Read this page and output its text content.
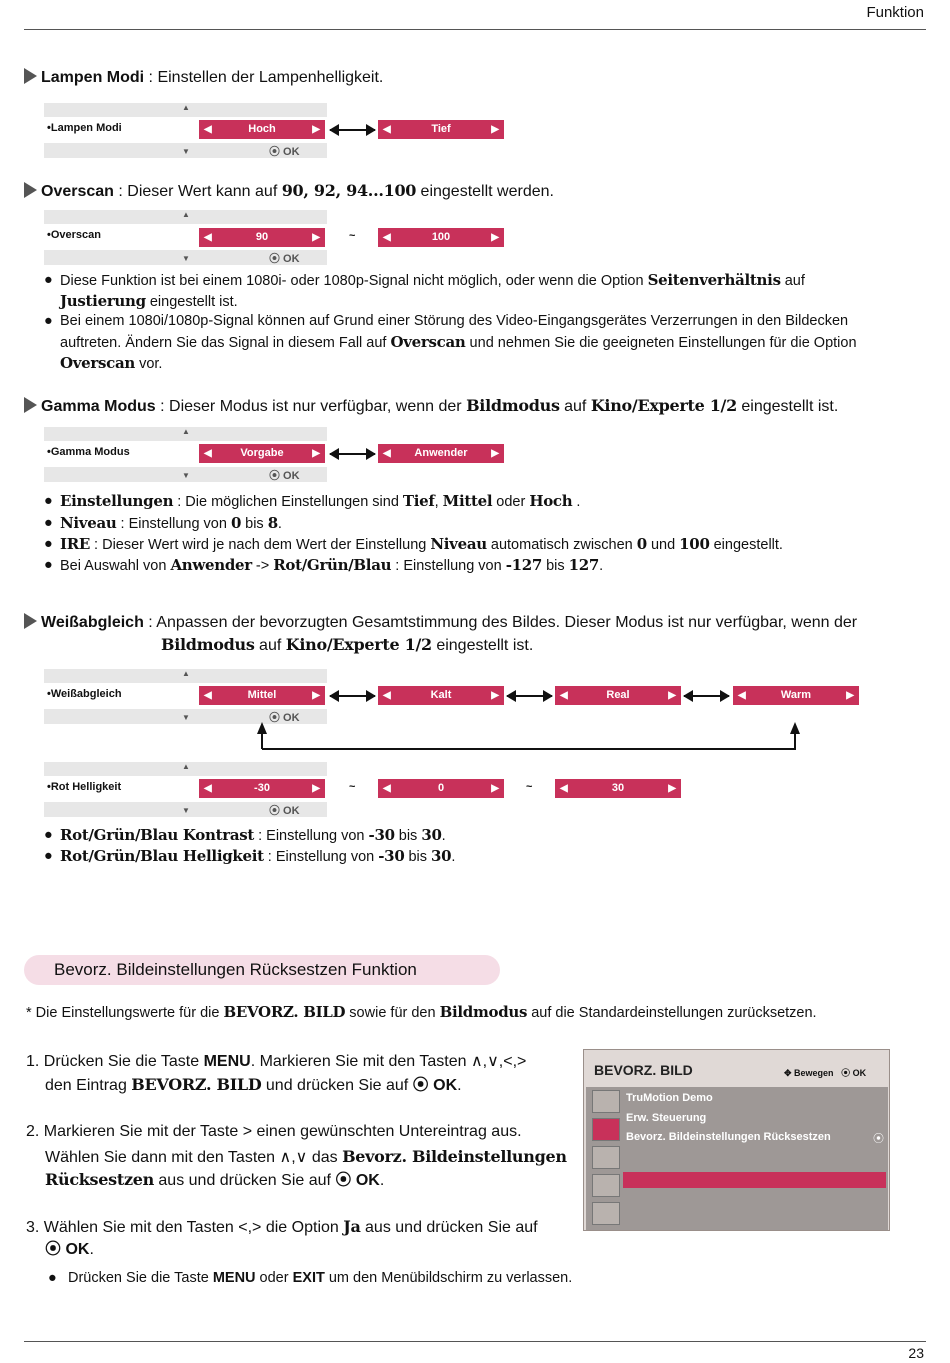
Funktion
Lampen Modi : Einstellen der Lampenhelligkeit.
•Lampen Modi
▲
▼	⦿ OK
◀	Hoch	▶	◀	Tief	▶
Overscan : Dieser Wert kann auf 90, 92, 94...100 eingestellt werden.
•Overscan
▲
▼	⦿ OK
◀	90	▶	~	◀	100	▶
● Diese Funktion ist bei einem 1080i- oder 1080p-Signal nicht möglich, oder wenn die Option Seitenverhältnis auf
Justierung eingestellt ist.
● Bei einem 1080i/1080p-Signal können auf Grund einer Störung des Video-Eingangsgerätes Verzerrungen in den Bildecken
auftreten. Ändern Sie das Signal in diesem Fall auf Overscan und nehmen Sie die geeigneten Einstellungen für die Option
Overscan vor.
Gamma Modus : Dieser Modus ist nur verfügbar, wenn der Bildmodus auf Kino/Experte 1/2 eingestellt ist.
•Gamma Modus
▲
▼	⦿ OK
◀	Vorgabe	▶	◀ Anwender ▶
● Einstellungen : Die möglichen Einstellungen sind Tief, Mittel oder Hoch .
● Niveau : Einstellung von 0 bis 8.
● IRE : Dieser Wert wird je nach dem Wert der Einstellung Niveau automatisch zwischen 0 und 100 eingestellt.
● Bei Auswahl von Anwender -> Rot/Grün/Blau : Einstellung von -127 bis 127.
Weißabgleich : Anpassen der bevorzugten Gesamtstimmung des Bildes. Dieser Modus ist nur verfügbar, wenn der
Bildmodus auf Kino/Experte 1/2 eingestellt ist.
•Weißabgleich
▲
▼	⦿ OK
◀	Mittel	▶	◀	Kalt	▶	◀	Real	▶	◀	Warm	▶
•Rot Helligkeit
▲
▼	⦿ OK
◀	-30	▶	~	◀	0	▶ ~	◀	30	▶
● Rot/Grün/Blau Kontrast : Einstellung von -30 bis 30.
● Rot/Grün/Blau Helligkeit : Einstellung von -30 bis 30.
Bevorz. Bildeinstellungen Rücksestzen Funktion
* Die Einstellungswerte für die BEVORZ. BILD sowie für den Bildmodus auf die Standardeinstellungen zurücksetzen.
1. Drücken Sie die Taste MENU. Markieren Sie mit den Tasten ∧,∨,<,>
den Eintrag BEVORZ. BILD und drücken Sie auf ⦿ OK.
2. Markieren Sie mit der Taste > einen gewünschten Untereintrag aus.
Wählen Sie dann mit den Tasten ∧,∨ das Bevorz. Bildeinstellungen
Rücksestzen aus und drücken Sie auf ⦿ OK.
3. Wählen Sie mit den Tasten <,> die Option Ja aus und drücken Sie auf
⦿ OK.
● Drücken Sie die Taste MENU oder EXIT um den Menübildschirm zu verlassen.
BEVORZ. BILD	✥ Bewegen ⦿ OK
TruMotion Demo
Erw. Steuerung
Bevorz. Bildeinstellungen Rücksestzen	⦿
23
